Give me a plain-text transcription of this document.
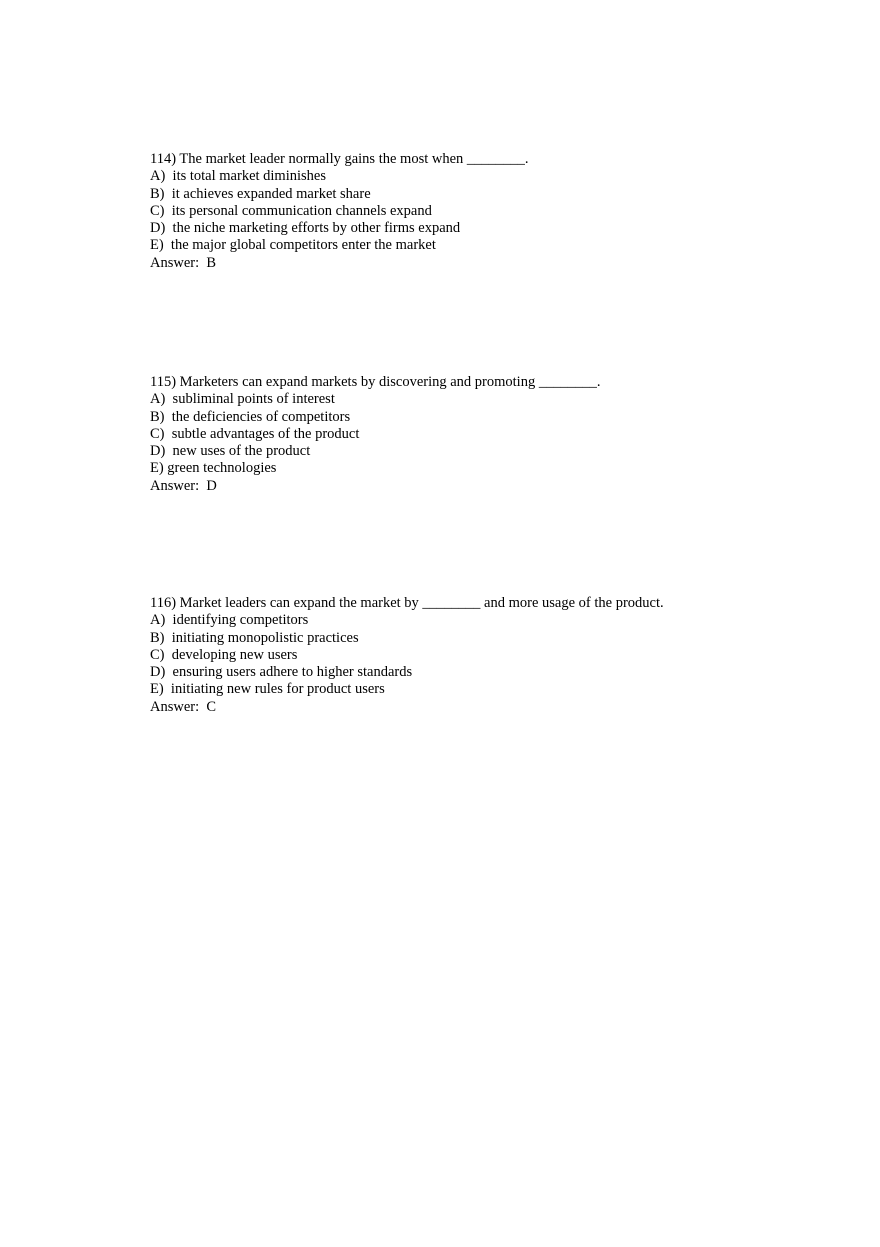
114) The market leader normally gains the most when ________.
A)  its total market diminishes
B)  it achieves expanded market share
C)  its personal communication channels expand
D)  the niche marketing efforts by other firms expand
E)  the major global competitors enter the market
Answer:  B
115) Marketers can expand markets by discovering and promoting ________.
A)  subliminal points of interest
B)  the deficiencies of competitors
C)  subtle advantages of the product
D)  new uses of the product
E) green technologies
Answer:  D
116) Market leaders can expand the market by ________ and more usage of the product.
A)  identifying competitors
B)  initiating monopolistic practices
C)  developing new users
D)  ensuring users adhere to higher standards
E)  initiating new rules for product users
Answer:  C
